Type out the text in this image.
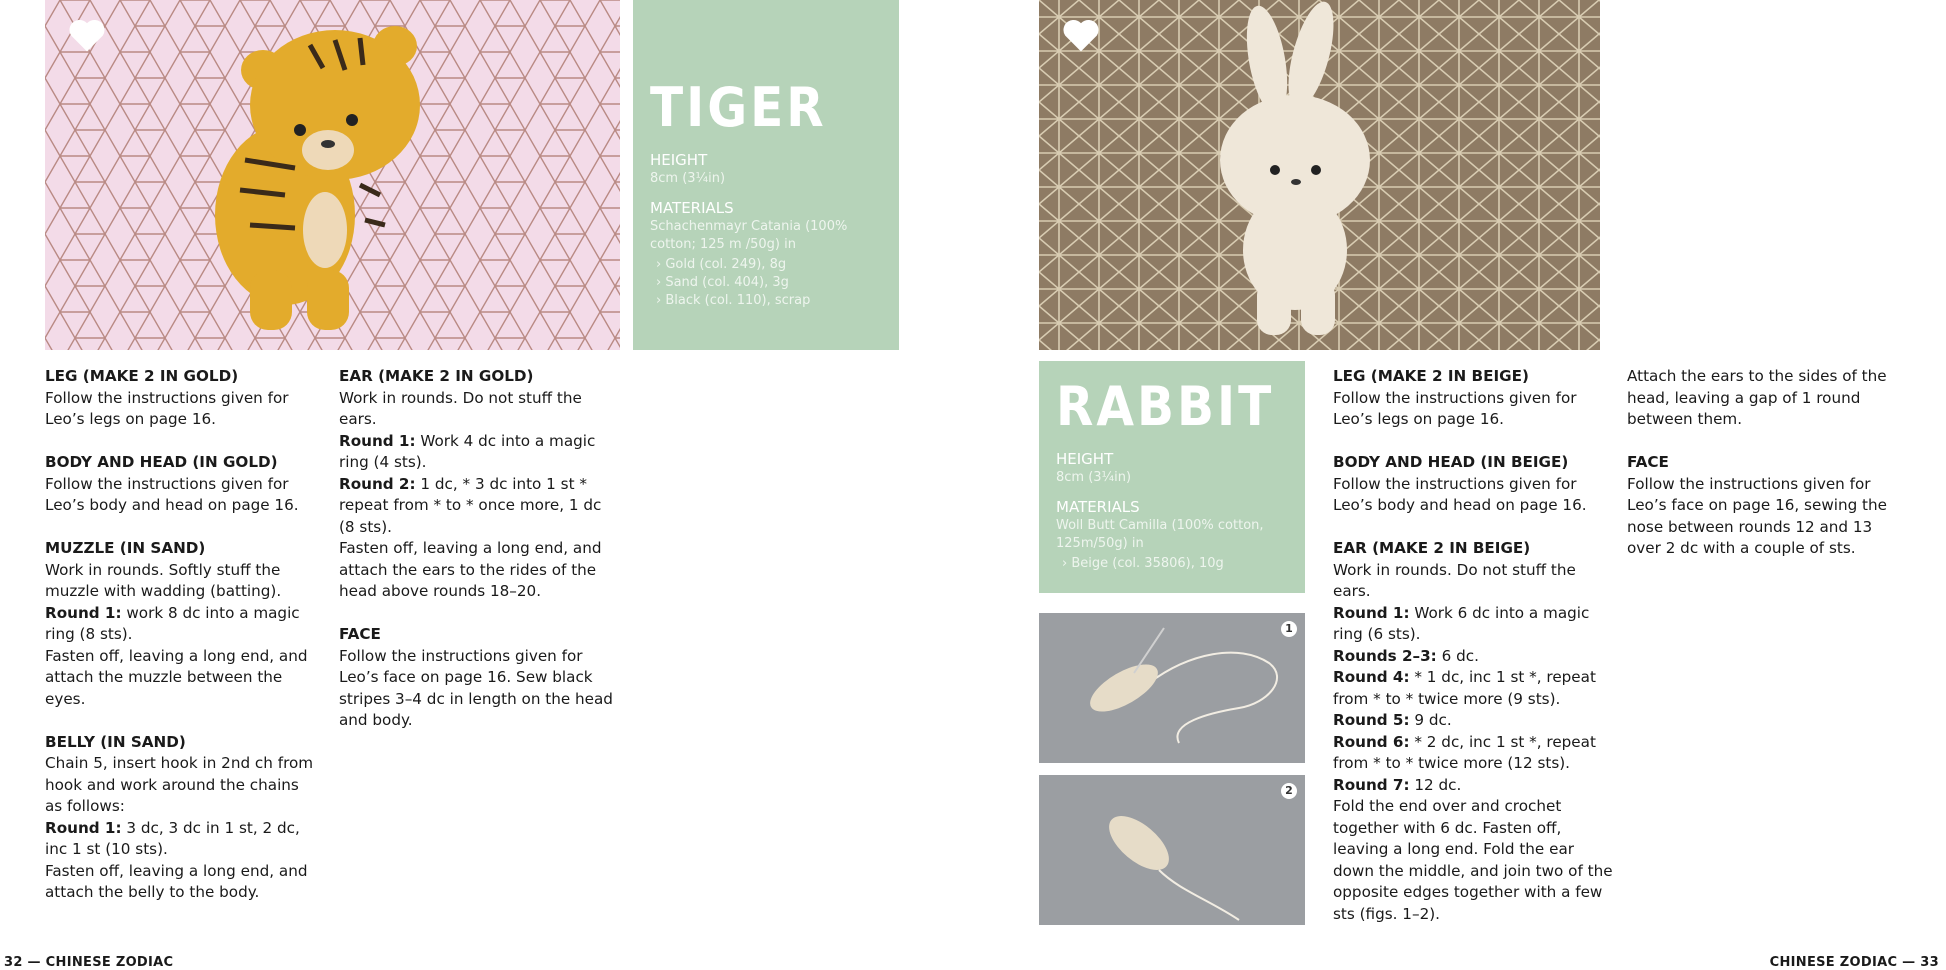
TIGER
HEIGHT
8cm (3¼in)
MATERIALS
Schachenmayr Catania (100% cotton; 125 m /50g) in
› Gold (col. 249), 8g
› Sand (col. 404), 3g
› Black (col. 110), scrap
RABBIT
HEIGHT
8cm (3¼in)
MATERIALS
Woll Butt Camilla (100% cotton, 125m/50g) in
› Beige (col. 35806), 10g
1
2
LEG (MAKE 2 IN GOLD)

Follow the instructions given for Leo’s legs on page 16.

BODY AND HEAD (IN GOLD)

Follow the instructions given for Leo’s body and head on page 16.

MUZZLE (IN SAND)

Work in rounds. Softly stuff the muzzle with wadding (batting).

Round 1: work 8 dc into a magic ring (8 sts).

Fasten off, leaving a long end, and attach the muzzle between the eyes.

BELLY (IN SAND)

Chain 5, insert hook in 2nd ch from hook and work around the chains as follows:

Round 1: 3 dc, 3 dc in 1 st, 2 dc, inc 1 st (10 sts).

Fasten off, leaving a long end, and attach the belly to the body.

EAR (MAKE 2 IN GOLD)

Work in rounds. Do not stuff the ears.

Round 1: Work 4 dc into a magic ring (4 sts).

Round 2: 1 dc, * 3 dc into 1 st * repeat from * to * once more, 1 dc (8 sts).

Fasten off, leaving a long end, and attach the ears to the rides of the head above rounds 18–20.

FACE

Follow the instructions given for Leo’s face on page 16. Sew black stripes 3–4 dc in length on the head and body.

LEG (MAKE 2 IN BEIGE)

Follow the instructions given for Leo’s legs on page 16.

BODY AND HEAD (IN BEIGE)

Follow the instructions given for Leo’s body and head on page 16.

EAR (MAKE 2 IN BEIGE)

Work in rounds. Do not stuff the ears.

Round 1: Work 6 dc into a magic ring (6 sts).

Rounds 2–3: 6 dc.

Round 4: * 1 dc, inc 1 st *, repeat from * to * twice more (9 sts).

Round 5: 9 dc.

Round 6: * 2 dc, inc 1 st *, repeat from * to * twice more (12 sts).

Round 7: 12 dc.

Fold the end over and crochet together with 6 dc. Fasten off, leaving a long end. Fold the ear down the middle, and join two of the opposite edges together with a few sts (figs. 1–2).

Attach the ears to the sides of the head, leaving a gap of 1 round between them.

FACE

Follow the instructions given for Leo’s face on page 16, sewing the nose between rounds 12 and 13 over 2 dc with a couple of sts.

32 — CHINESE ZODIAC	CHINESE ZODIAC — 33
